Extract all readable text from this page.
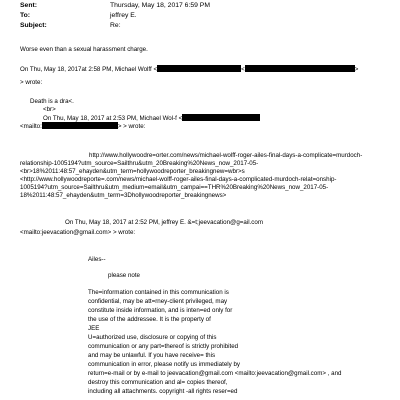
Sent:	Thursday, May 18, 2017 6:59 PM
To:	jeffrey E.
Subject:	Re:
Worse even than a sexual harassment charge.
On Thu, May 18, 2017at 2:58 PM, Michael Wolff <	<	>
> wrote:
Death is a dra<.
<br>
On Thu, May 18, 2017 at 2:53 PM, Michael Wol-f <
<mailto:	> > wrote:
http://www.hollywoodre=orter.com/news/michael-wolff-roger-ailes-final-days-a-complicate=murdoch-
relationship-1005194?utm_source=Sailthru&utm_20Breaking%20News_now_2017-05-
<br>18%2011:48:57_ehayden&utm_term=hollywoodreporter_breakingnew=wbr>s
<http://www.hollywoodreporte=.com/news/michael-wolff-roger-ailes-final-days-a-complicated-murdoch-relat=onship-
1005194?utm_source=Sailthru&utm_medium=email&utm_campai==THR%20Breaking%20News_now_2017-05-
18%2011:48:57_ehayden&utm_term=3Dhollywoodreporter_breakingnews>
On Thu, May 18, 2017 at 2:52 PM, jeffrey E. &=t;jeevacation@g=ail.com
<mailto:jeevacation@gmail.com> > wrote:
Ailes--
please note
The=information contained in this communication is
confidential, may be att=rney-client privileged, may
constitute inside information, and is inten=ed only for
the use of the addressee. It is the property of
JEE
U=authorized use, disclosure or copying of this
communication or any part=thereof is strictly prohibited
and may be unlawful. If you have receive= this
communication in error, please notify us immediately by
return=e-mail or by e-mail to jeevacation@gmail.com <mailto:jeevacation@gmail.com> , and
destroy this communication and al= copies thereof,
including all attachments. copyright -all rights reser=ed
